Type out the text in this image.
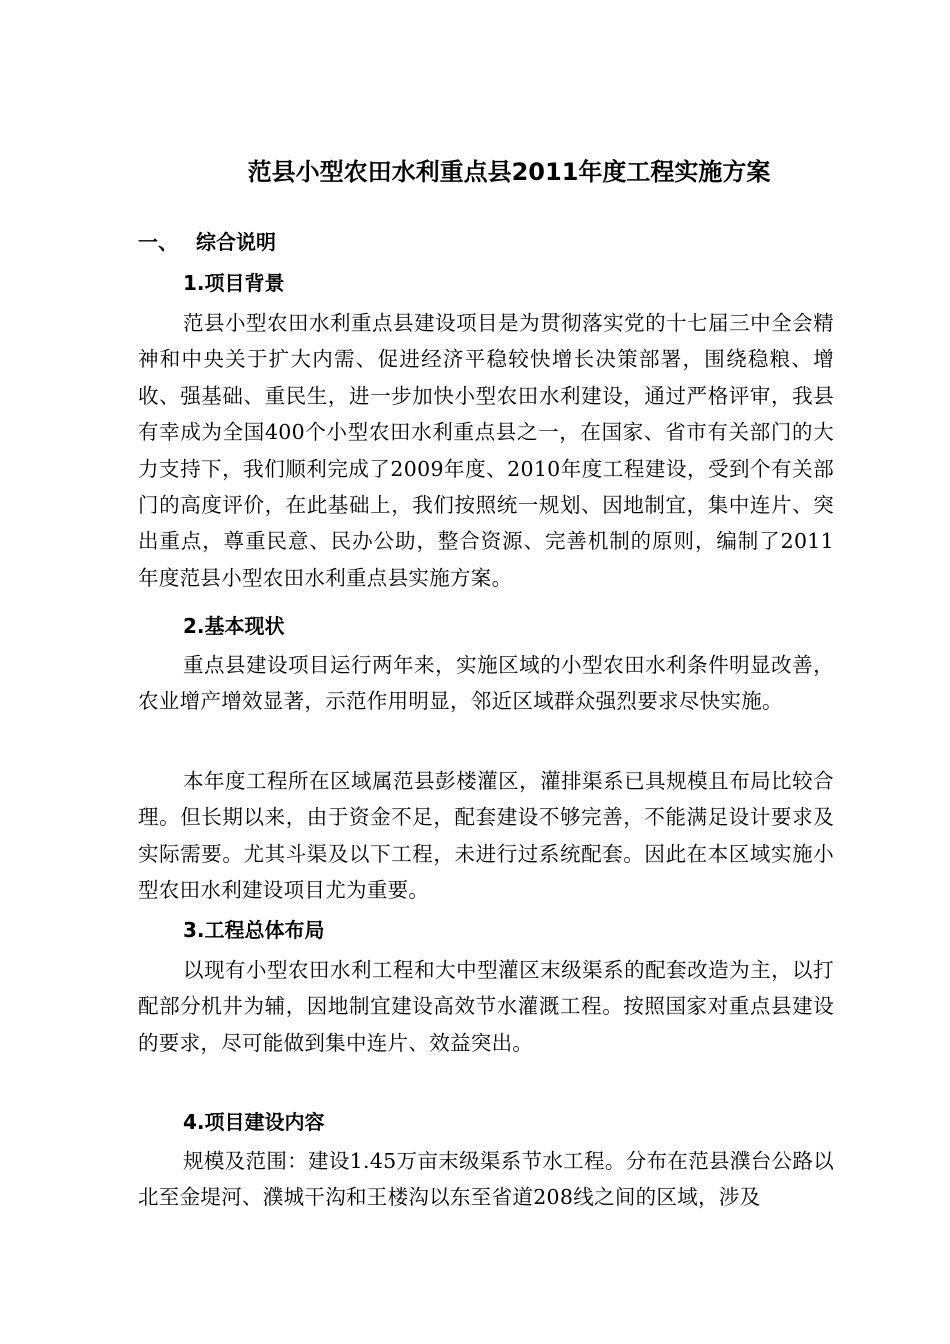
范县小型农田水利重点县2011年度工程实施方案
一、 综合说明
1.项目背景

范县小型农田水利重点县建设项目是为贯彻落实党的十七届三中全会精神和中央关于扩大内需、促进经济平稳较快增长决策部署，围绕稳粮、增收、强基础、重民生，进一步加快小型农田水利建设，通过严格评审，我县有幸成为全国400个小型农田水利重点县之一，在国家、省市有关部门的大力支持下，我们顺利完成了2009年度、2010年度工程建设，受到个有关部门的高度评价，在此基础上，我们按照统一规划、因地制宜，集中连片、突出重点，尊重民意、民办公助，整合资源、完善机制的原则，编制了2011年度范县小型农田水利重点县实施方案。

2.基本现状

重点县建设项目运行两年来，实施区域的小型农田水利条件明显改善，农业增产增效显著，示范作用明显，邻近区域群众强烈要求尽快实施。

本年度工程所在区域属范县彭楼灌区，灌排渠系已具规模且布局比较合理。但长期以来，由于资金不足，配套建设不够完善，不能满足设计要求及实际需要。尤其斗渠及以下工程，未进行过系统配套。因此在本区域实施小型农田水利建设项目尤为重要。

3.工程总体布局

以现有小型农田水利工程和大中型灌区末级渠系的配套改造为主，以打配部分机井为辅，因地制宜建设高效节水灌溉工程。按照国家对重点县建设的要求，尽可能做到集中连片、效益突出。

4.项目建设内容

规模及范围：建设1.45万亩末级渠系节水工程。分布在范县濮台公路以北至金堤河、濮城干沟和王楼沟以东至省道208线之间的区域，涉及
